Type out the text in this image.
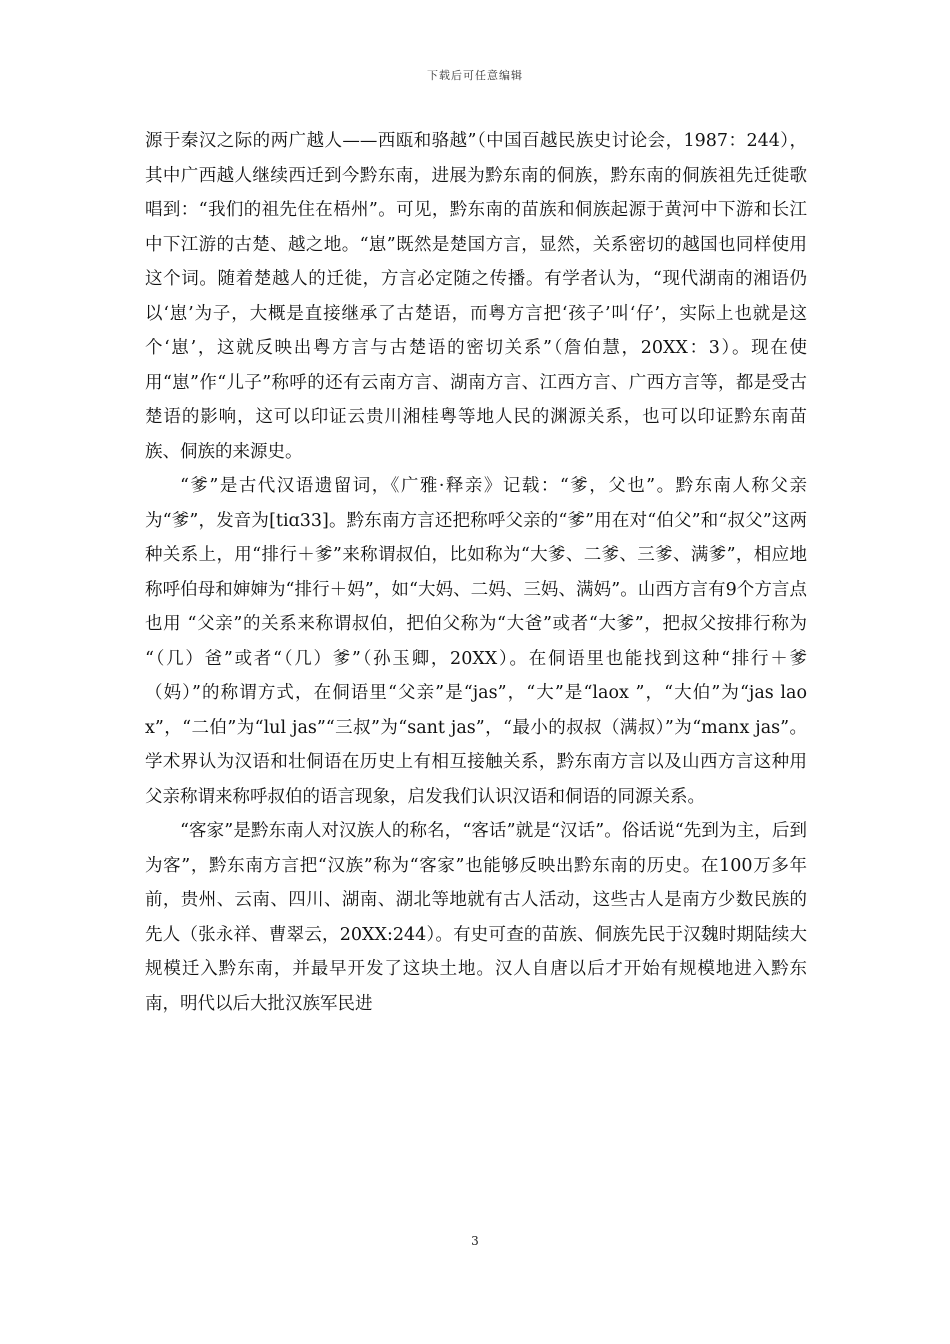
下载后可任意编辑

源于秦汉之际的两广越人——西瓯和骆越”（中国百越民族史讨论会，1987：244），其中广西越人继续西迁到今黔东南，进展为黔东南的侗族，黔东南的侗族祖先迁徙歌唱到：“我们的祖先住在梧州”。可见，黔东南的苗族和侗族起源于黄河中下游和长江中下江游的古楚、越之地。“崽”既然是楚国方言，显然，关系密切的越国也同样使用这个词。随着楚越人的迁徙，方言必定随之传播。有学者认为，“现代湖南的湘语仍以‘崽’为子，大概是直接继承了古楚语，而粤方言把‘孩子’叫‘仔’，实际上也就是这个‘崽’，这就反映出粤方言与古楚语的密切关系”（詹伯慧，20XX：3）。现在使用“崽”作“儿子”称呼的还有云南方言、湖南方言、江西方言、广西方言等，都是受古楚语的影响，这可以印证云贵川湘桂粤等地人民的渊源关系，也可以印证黔东南苗族、侗族的来源史。

“爹”是古代汉语遗留词，《广雅·释亲》记载：“爹，父也”。黔东南人称父亲为“爹”，发音为[tiɑ33]。黔东南方言还把称呼父亲的“爹”用在对“伯父”和“叔父”这两种关系上，用“排行＋爹”来称谓叔伯，比如称为“大爹、二爹、三爹、满爹”，相应地称呼伯母和婶婶为“排行＋妈”，如“大妈、二妈、三妈、满妈”。山西方言有9个方言点也用 “父亲”的关系来称谓叔伯，把伯父称为“大爸”或者“大爹”，把叔父按排行称为 “（几）爸”或者“（几）爹”（孙玉卿，20XX）。在侗语里也能找到这种“排行＋爹（妈）”的称谓方式，在侗语里“父亲”是“jas”，“大”是“laox ”，“大伯”为“jas laox”，“二伯”为“lul jas”“三叔”为“sant jas”，“最小的叔叔（满叔）”为“manx jas”。学术界认为汉语和壮侗语在历史上有相互接触关系，黔东南方言以及山西方言这种用父亲称谓来称呼叔伯的语言现象，启发我们认识汉语和侗语的同源关系。

“客家”是黔东南人对汉族人的称名，“客话”就是“汉话”。俗话说“先到为主，后到为客”，黔东南方言把“汉族”称为“客家”也能够反映出黔东南的历史。在100万多年前，贵州、云南、四川、湖南、湖北等地就有古人活动，这些古人是南方少数民族的先人（张永祥、曹翠云，20XX:244）。有史可查的苗族、侗族先民于汉魏时期陆续大规模迁入黔东南，并最早开发了这块土地。汉人自唐以后才开始有规模地进入黔东南，明代以后大批汉族军民进

3
